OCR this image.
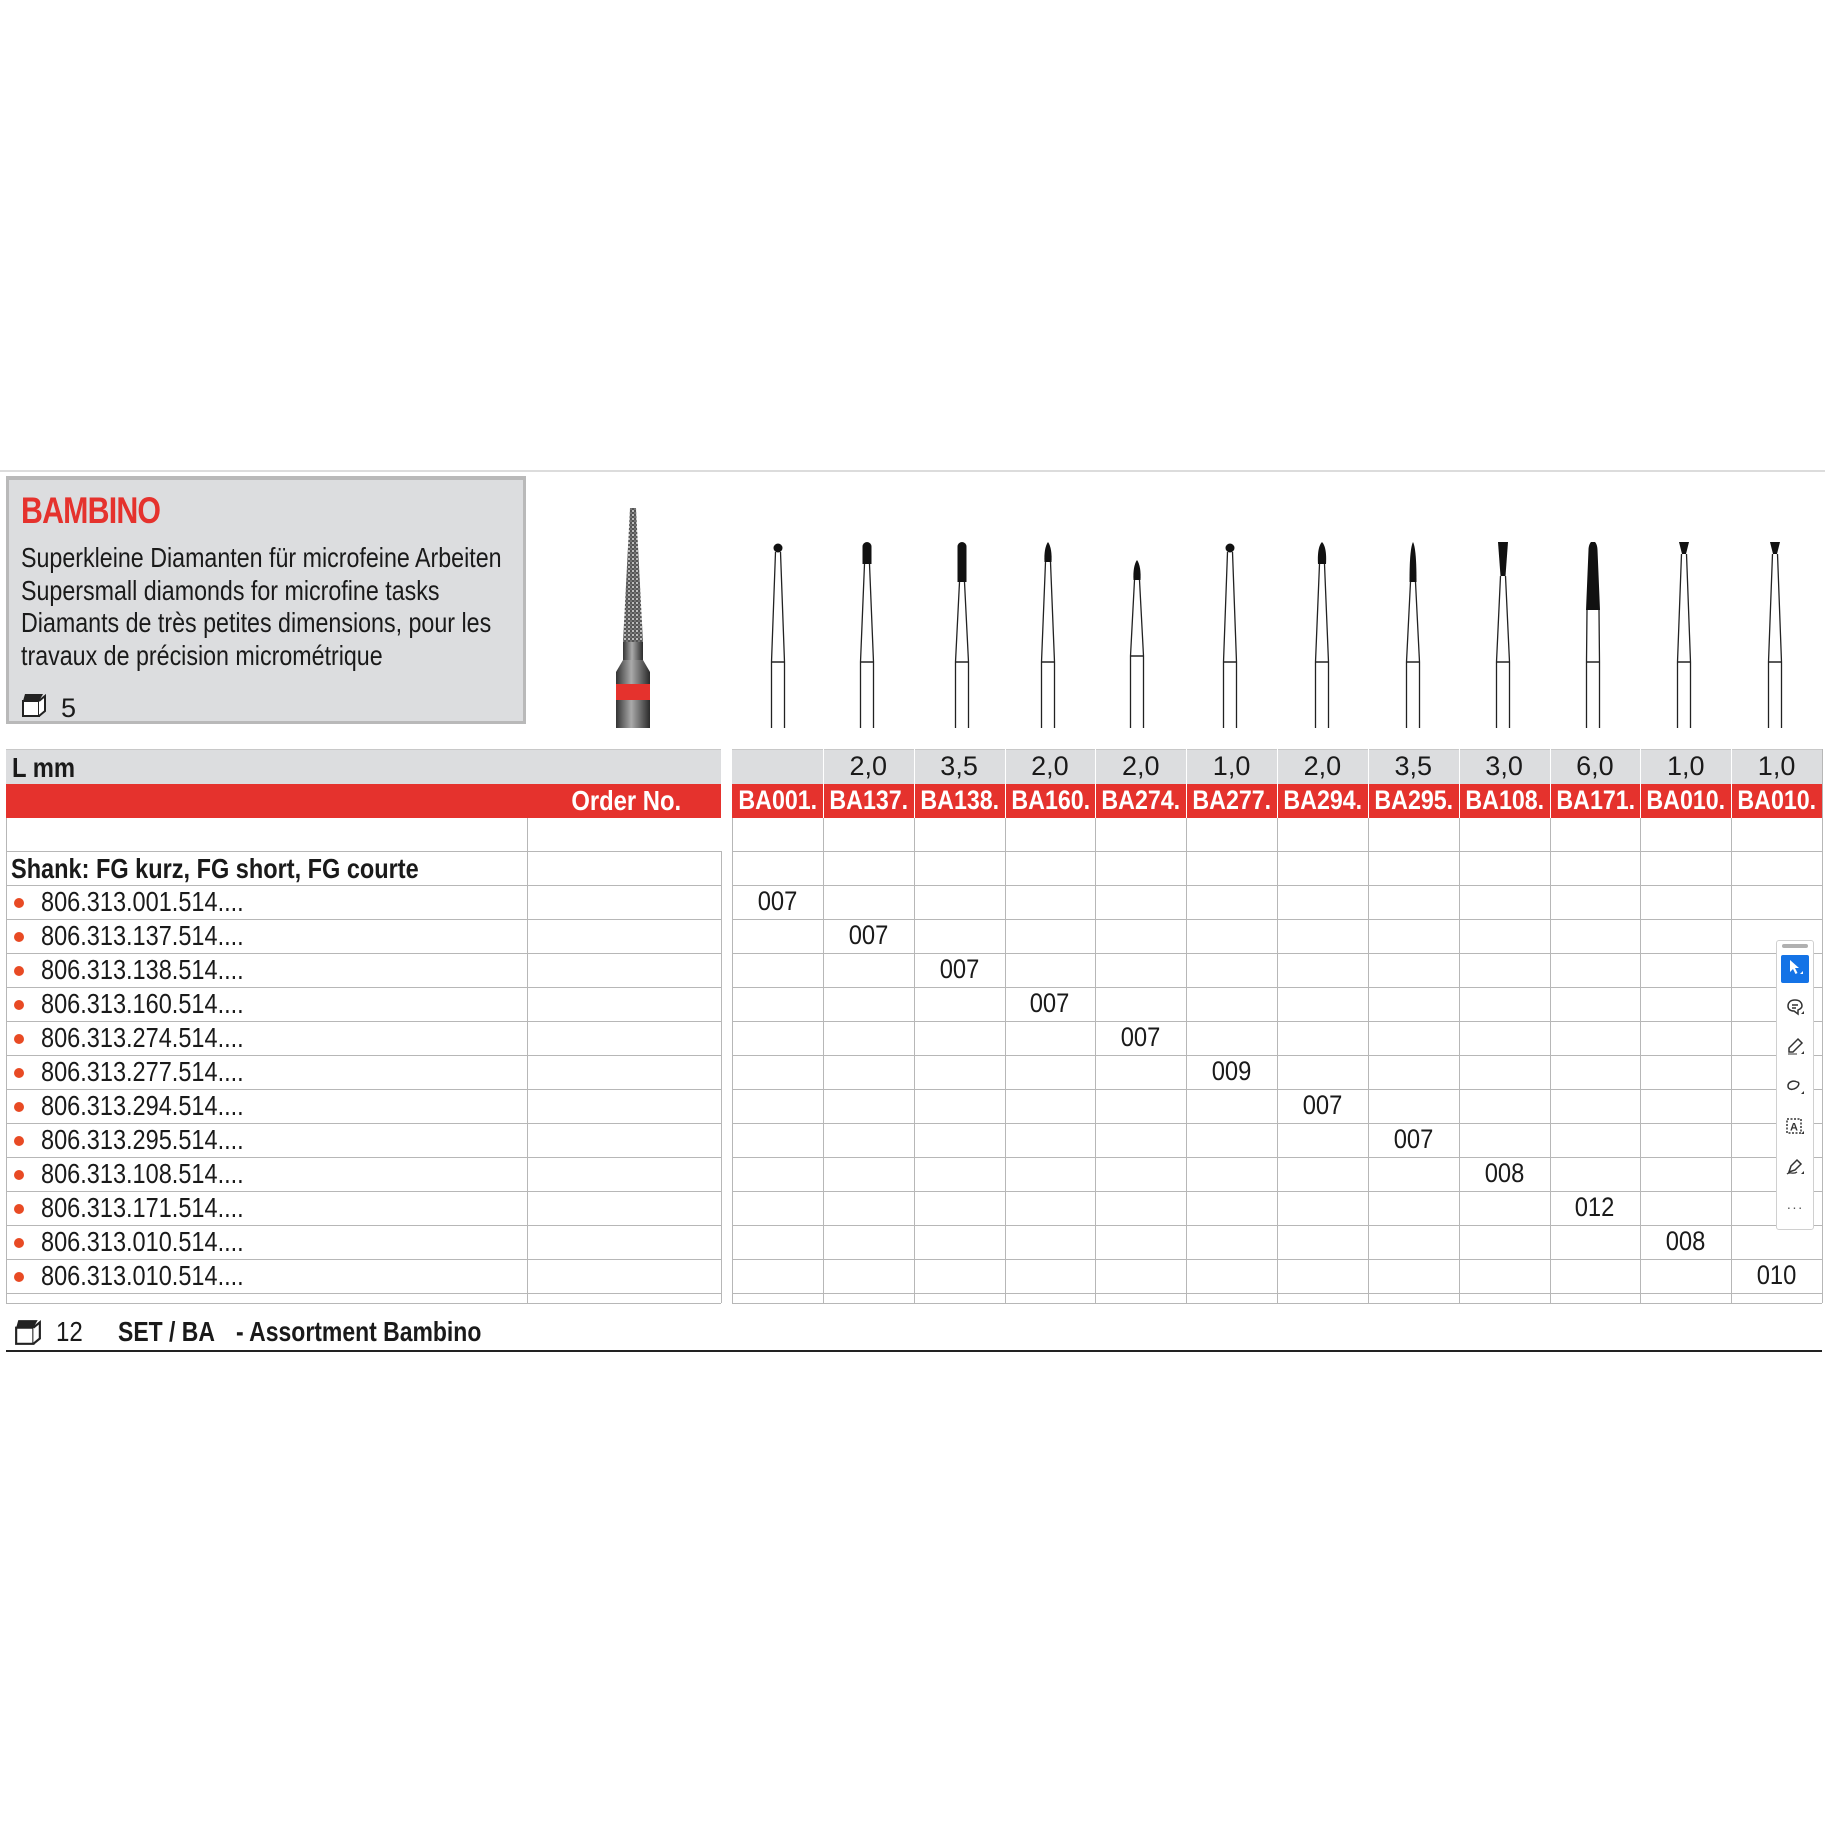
BAMBINO
Superkleine Diamanten für microfeine Arbeiten
Supersmall diamonds for microfine tasks
Diamants de très petites dimensions, pour les
travaux de précision micrométrique
5
L mm
Order No.
Shank: FG kurz, FG short, FG courte
806.313.001.514....
806.313.137.514....
806.313.138.514....
806.313.160.514....
806.313.274.514....
806.313.277.514....
806.313.294.514....
806.313.295.514....
806.313.108.514....
806.313.171.514....
806.313.010.514....
806.313.010.514....
BA001.
2,0
BA137.
3,5
BA138.
2,0
BA160.
2,0
BA274.
1,0
BA277.
2,0
BA294.
3,5
BA295.
3,0
BA108.
6,0
BA171.
1,0
BA010.
1,0
BA010.
007
007
007
007
007
009
007
007
008
012
008
010
12 SET / BA - Assortment Bambino
A
···
